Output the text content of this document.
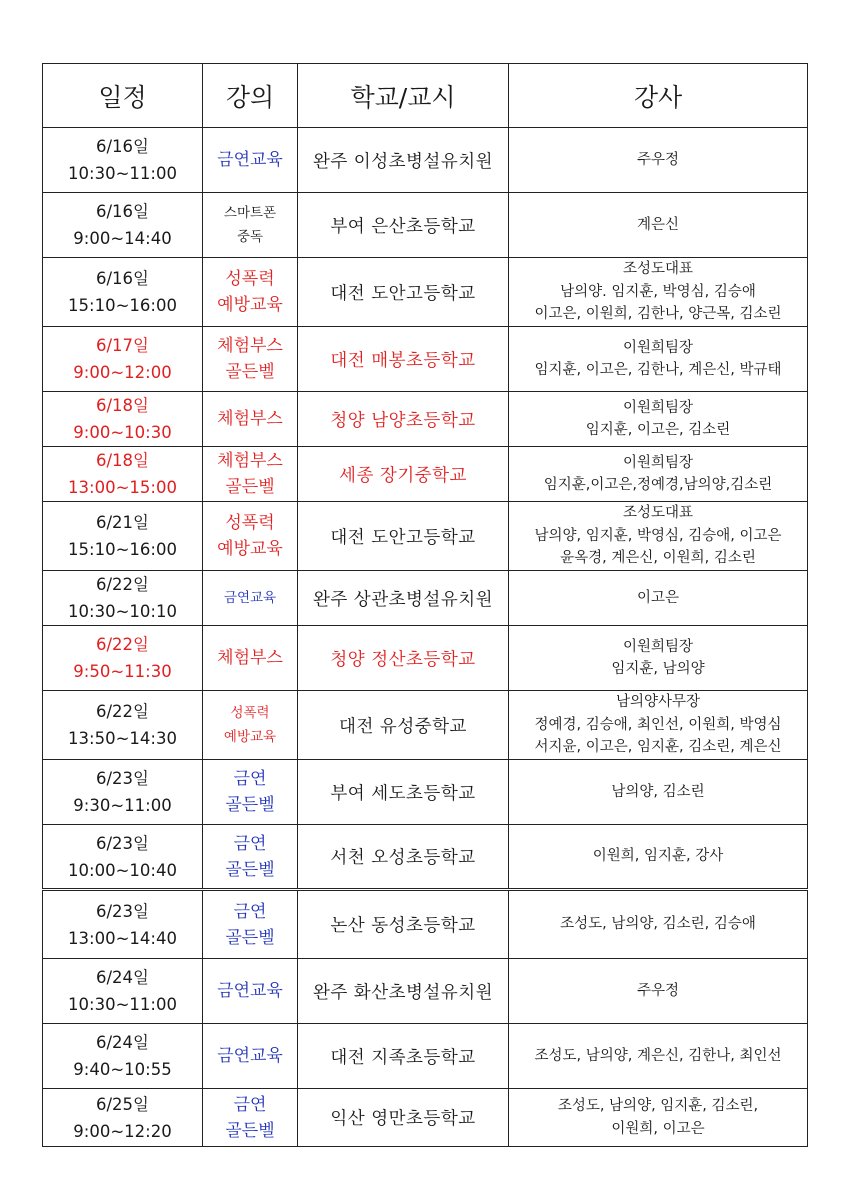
일정	강의	학교/교시	강사

6/16일
10:30~11:00	금연교육	완주 이성초병설유치원	주우정

6/16일
9:00~14:40	스마트폰
중독	부여 은산초등학교	계은신

6/16일
15:10~16:00	성폭력
예방교육	대전 도안고등학교	조성도대표
남의양. 임지훈, 박영심, 김승애
이고은, 이원희, 김한나, 양근목, 김소린

6/17일
9:00~12:00	체험부스
골든벨	대전 매봉초등학교	이원희팀장
임지훈, 이고은, 김한나, 계은신, 박규태

6/18일
9:00~10:30	체험부스	청양 남양초등학교	이원희팀장
임지훈, 이고은, 김소린

6/18일
13:00~15:00	체험부스
골든벨	세종 장기중학교	이원희팀장
임지훈,이고은,정예경,남의양,김소린

6/21일
15:10~16:00	성폭력
예방교육	대전 도안고등학교	조성도대표
남의양, 임지훈, 박영심, 김승애, 이고은
윤옥경, 계은신, 이원희, 김소린

6/22일
10:30~10:10	금연교육	완주 상관초병설유치원	이고은

6/22일
9:50~11:30	체험부스	청양 정산초등학교	이원희팀장
임지훈, 남의양

6/22일
13:50~14:30	성폭력
예방교육	대전 유성중학교	남의양사무장
정예경, 김승애, 최인선, 이원희, 박영심
서지윤, 이고은, 임지훈, 김소린, 계은신

6/23일
9:30~11:00	금연
골든벨	부여 세도초등학교	남의양, 김소린

6/23일
10:00~10:40	금연
골든벨	서천 오성초등학교	이원희, 임지훈, 강사

6/23일
13:00~14:40	금연
골든벨	논산 동성초등학교	조성도, 남의양, 김소린, 김승애

6/24일
10:30~11:00	금연교육	완주 화산초병설유치원	주우정

6/24일
9:40~10:55	금연교육	대전 지족초등학교	조성도, 남의양, 계은신, 김한나, 최인선

6/25일
9:00~12:20	금연
골든벨	익산 영만초등학교	조성도, 남의양, 임지훈, 김소린,
이원희, 이고은
